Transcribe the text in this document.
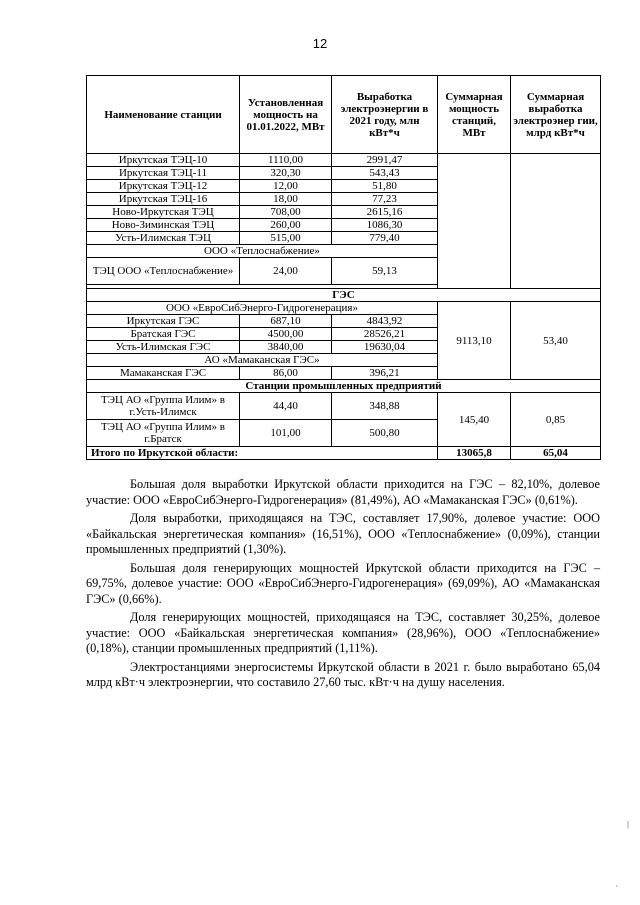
12
Наименование станции	Установленная мощность на 01.01.2022, МВт	Выработка электроэнергии в 2021 году, млн кВт*ч	Суммарная мощность станций, МВт	Суммарная выработка электроэнер гии, млрд кВт*ч
Иркутская ТЭЦ-10	1110,00	2991,47		
Иркутская ТЭЦ-11	320,30	543,43		
Иркутская ТЭЦ-12	12,00	51,80		
Иркутская ТЭЦ-16	18,00	77,23		
Ново-Иркутская ТЭЦ	708,00	2615,16		
Ново-Зиминская ТЭЦ	260,00	1086,30		
Усть-Илимская ТЭЦ	515,00	779,40		
ООО «Теплоснабжение»				
ТЭЦ ООО «Теплоснабжение»	24,00	59,13		

ГЭС				
ООО «ЕвроСибЭнерго-Гидрогенерация»			9113,10	53,40
Иркутская ГЭС	687,10	4843,92		
Братская ГЭС	4500,00	28526,21		
Усть-Илимская ГЭС	3840,00	19630,04		
АО «Мамаканская ГЭС»				
Мамаканская ГЭС	86,00	396,21		
Станции промышленных предприятий				
ТЭЦ АО «Группа Илим» в г.Усть-Илимск	44,40	348,88	145,40	0,85
ТЭЦ АО «Группа Илим» в г.Братск	101,00	500,80		
Итого по Иркутской области:			13065,8	65,04

Большая доля выработки Иркутской области приходится на ГЭС – 82,10%, долевое участие: ООО «ЕвроСибЭнерго-Гидрогенерация» (81,49%), АО «Мамаканская ГЭС» (0,61%).

Доля выработки, приходящаяся на ТЭС, составляет 17,90%, долевое участие: ООО «Байкальская энергетическая компания» (16,51%), ООО «Теплоснабжение» (0,09%), станции промышленных предприятий (1,30%).

Большая доля генерирующих мощностей Иркутской области приходится на ГЭС – 69,75%, долевое участие: ООО «ЕвроСибЭнерго-Гидрогенерация» (69,09%), АО «Мамаканская ГЭС» (0,66%).

Доля генерирующих мощностей, приходящаяся на ТЭС, составляет 30,25%, долевое участие: ООО «Байкальская энергетическая компания» (28,96%), ООО «Теплоснабжение» (0,18%), станции промышленных предприятий (1,11%).

Электростанциями энергосистемы Иркутской области в 2021 г. было выработано 65,04 млрд кВт·ч электроэнергии, что составило 27,60 тыс. кВт·ч на душу населения.

|
'
